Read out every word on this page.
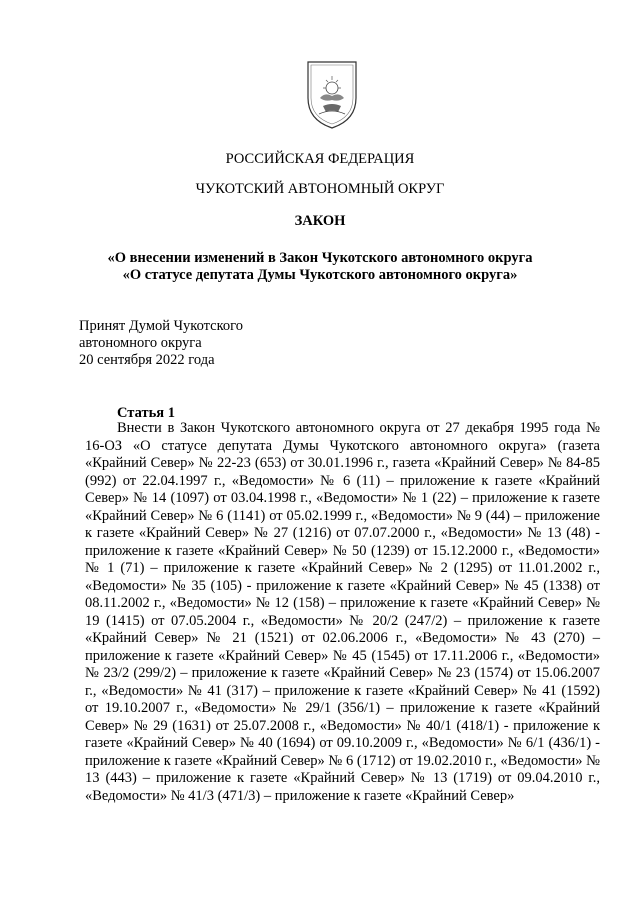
РОССИЙСКАЯ ФЕДЕРАЦИЯ
ЧУКОТСКИЙ АВТОНОМНЫЙ ОКРУГ
ЗАКОН
«О внесении изменений в Закон Чукотского автономного округа
«О статусе депутата Думы Чукотского автономного округа»
Принят Думой Чукотского
автономного округа
20 сентября 2022 года
Статья 1

Внести в Закон Чукотского автономного округа от 27 декабря 1995 года № 16-ОЗ «О статусе депутата Думы Чукотского автономного округа» (газета «Крайний Север» № 22-23 (653) от 30.01.1996 г., газета «Крайний Север» № 84-85 (992) от 22.04.1997 г., «Ведомости» № 6 (11) – приложение к газете «Крайний Север» № 14 (1097) от 03.04.1998 г., «Ведомости» № 1 (22) – приложение к газете «Крайний Север» № 6 (1141) от 05.02.1999 г., «Ведомости» № 9 (44) – приложение к газете «Крайний Север» № 27 (1216) от 07.07.2000 г., «Ведомости» № 13 (48) - приложение к газете «Крайний Север» № 50 (1239) от 15.12.2000 г., «Ведомости» № 1 (71) – приложение к газете «Крайний Север» № 2 (1295) от 11.01.2002 г., «Ведомости» № 35 (105) - приложение к газете «Крайний Север» № 45 (1338) от 08.11.2002 г., «Ведомости» № 12 (158) – приложение к газете «Крайний Север» № 19 (1415) от 07.05.2004 г., «Ведомости» № 20/2 (247/2) – приложение к газете «Крайний Север» № 21 (1521) от 02.06.2006 г., «Ведомости» № 43 (270) – приложение к газете «Крайний Север» № 45 (1545) от 17.11.2006 г., «Ведомости» № 23/2 (299/2) – приложение к газете «Крайний Север» № 23 (1574) от 15.06.2007 г., «Ведомости» № 41 (317) – приложение к газете «Крайний Север» № 41 (1592) от 19.10.2007 г., «Ведомости» № 29/1 (356/1) – приложение к газете «Крайний Север» № 29 (1631) от 25.07.2008 г., «Ведомости» № 40/1 (418/1) - приложение к газете «Крайний Север» № 40 (1694) от 09.10.2009 г., «Ведомости» № 6/1 (436/1) - приложение к газете «Крайний Север» № 6 (1712) от 19.02.2010 г., «Ведомости» № 13 (443) – приложение к газете «Крайний Север» № 13 (1719) от 09.04.2010 г., «Ведомости» № 41/3 (471/3) – приложение к газете «Крайний Север»
